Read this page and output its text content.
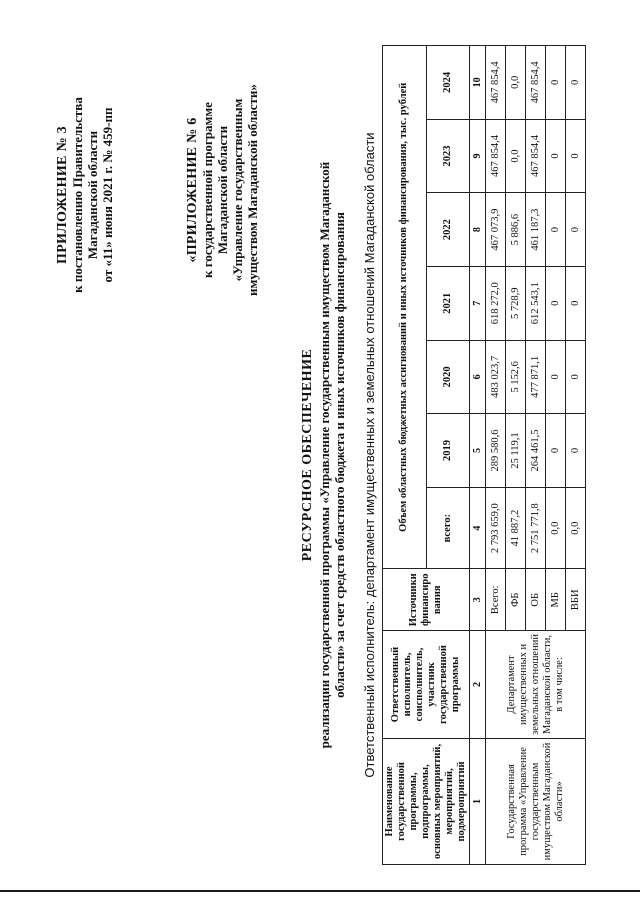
ПРИЛОЖЕНИЕ № 3 к постановлению Правительства Магаданской области от «11» июня 2021 г. № 459-пп	«ПРИЛОЖЕНИЕ № 6 к государственной программе Магаданской области «Управление государственным имуществом Магаданской области»
РЕСУРСНОЕ ОБЕСПЕЧЕНИЕ реализации государственной программы «Управление государственным имуществом Магаданской области» за счет средств областного бюджета и иных источников финансирования Ответственный исполнитель: департамент имущественных и земельных отношений Магаданской области
Наименование государственной программы, подпрограммы, основных мероприятий, мероприятий, подмероприятий	Ответственный исполнитель, соисполнитель, участник государственной программы	Источники финансиро вания	Объем областных бюджетных ассигнований и иных источников финансирования, тыс. рублей						
			всего:	2019	2020	2021	2022	2023	2024
1	2	3	4	5	6	7	8	9	10
Государственная программа «Управление государственным имуществом Магаданской области»	Департамент имущественных и земельных отношений Магаданской области, в том числе:	Всего:	2 793 659,0	289 580,6	483 023,7	618 272,0	467 073,9	467 854,4	467 854,4
		ФБ	41 887,2	25 119,1	5 152,6	5 728,9	5 886,6	0,0	0,0
		ОБ	2 751 771,8	264 461,5	477 871,1	612 543,1	461 187,3	467 854,4	467 854,4
		МБ	0,0	0	0	0	0	0	0
		ВБИ	0,0	0	0	0	0	0	0
